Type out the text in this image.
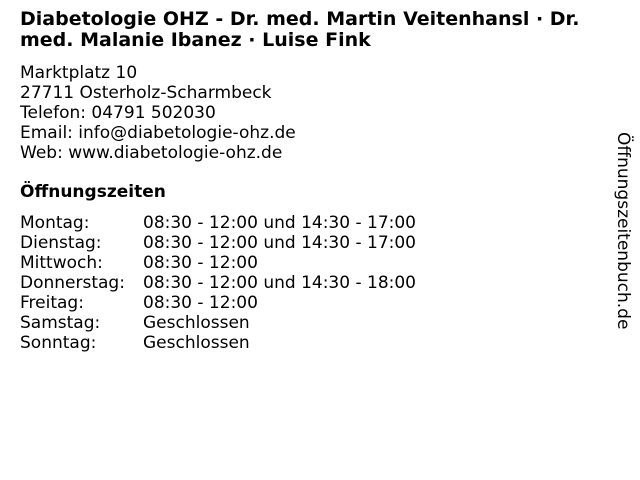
Diabetologie OHZ - Dr. med. Martin Veitenhansl · Dr. med. Malanie Ibanez · Luise Fink
Marktplatz 10
27711 Osterholz-Scharmbeck
Telefon: 04791 502030
Email: info@diabetologie-ohz.de
Web: www.diabetologie-ohz.de
Öffnungszeiten
Montag:	08:30 - 12:00 und 14:30 - 17:00
Dienstag:	08:30 - 12:00 und 14:30 - 17:00
Mittwoch:	08:30 - 12:00
Donnerstag:	08:30 - 12:00 und 14:30 - 18:00
Freitag:	08:30 - 12:00
Samstag:	Geschlossen
Sonntag:	Geschlossen
Öffnungszeitenbuch.de
